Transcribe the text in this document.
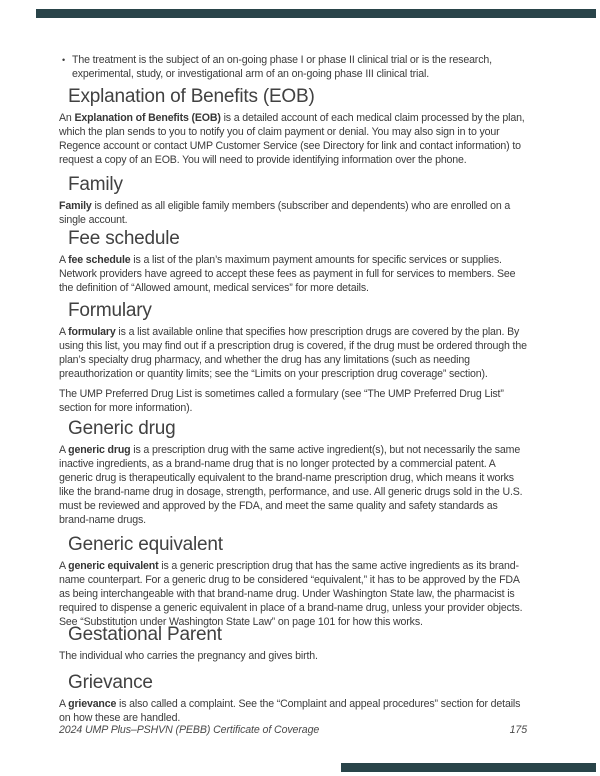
• The treatment is the subject of an on-going phase I or phase II clinical trial or is the research, experimental, study, or investigational arm of an on-going phase III clinical trial.
Explanation of Benefits (EOB)

An Explanation of Benefits (EOB) is a detailed account of each medical claim processed by the plan, which the plan sends to you to notify you of claim payment or denial. You may also sign in to your Regence account or contact UMP Customer Service (see Directory for link and contact information) to request a copy of an EOB. You will need to provide identifying information over the phone.

Family

Family is defined as all eligible family members (subscriber and dependents) who are enrolled on a single account.

Fee schedule

A fee schedule is a list of the plan’s maximum payment amounts for specific services or supplies. Network providers have agreed to accept these fees as payment in full for services to members. See the definition of “Allowed amount, medical services” for more details.

Formulary

A formulary is a list available online that specifies how prescription drugs are covered by the plan. By using this list, you may find out if a prescription drug is covered, if the drug must be ordered through the plan’s specialty drug pharmacy, and whether the drug has any limitations (such as needing preauthorization or quantity limits; see the “Limits on your prescription drug coverage” section).

The UMP Preferred Drug List is sometimes called a formulary (see “The UMP Preferred Drug List” section for more information).

Generic drug

A generic drug is a prescription drug with the same active ingredient(s), but not necessarily the same inactive ingredients, as a brand-name drug that is no longer protected by a commercial patent. A generic drug is therapeutically equivalent to the brand-name prescription drug, which means it works like the brand-name drug in dosage, strength, performance, and use. All generic drugs sold in the U.S. must be reviewed and approved by the FDA, and meet the same quality and safety standards as brand-name drugs.

Generic equivalent

A generic equivalent is a generic prescription drug that has the same active ingredients as its brand-name counterpart. For a generic drug to be considered “equivalent,” it has to be approved by the FDA as being interchangeable with that brand-name drug. Under Washington State law, the pharmacist is required to dispense a generic equivalent in place of a brand-name drug, unless your provider objects. See “Substitution under Washington State Law” on page 101 for how this works.

Gestational Parent

The individual who carries the pregnancy and gives birth.

Grievance

A grievance is also called a complaint. See the “Complaint and appeal procedures” section for details on how these are handled.

2024 UMP Plus–PSHVN (PEBB) Certificate of Coverage	175
